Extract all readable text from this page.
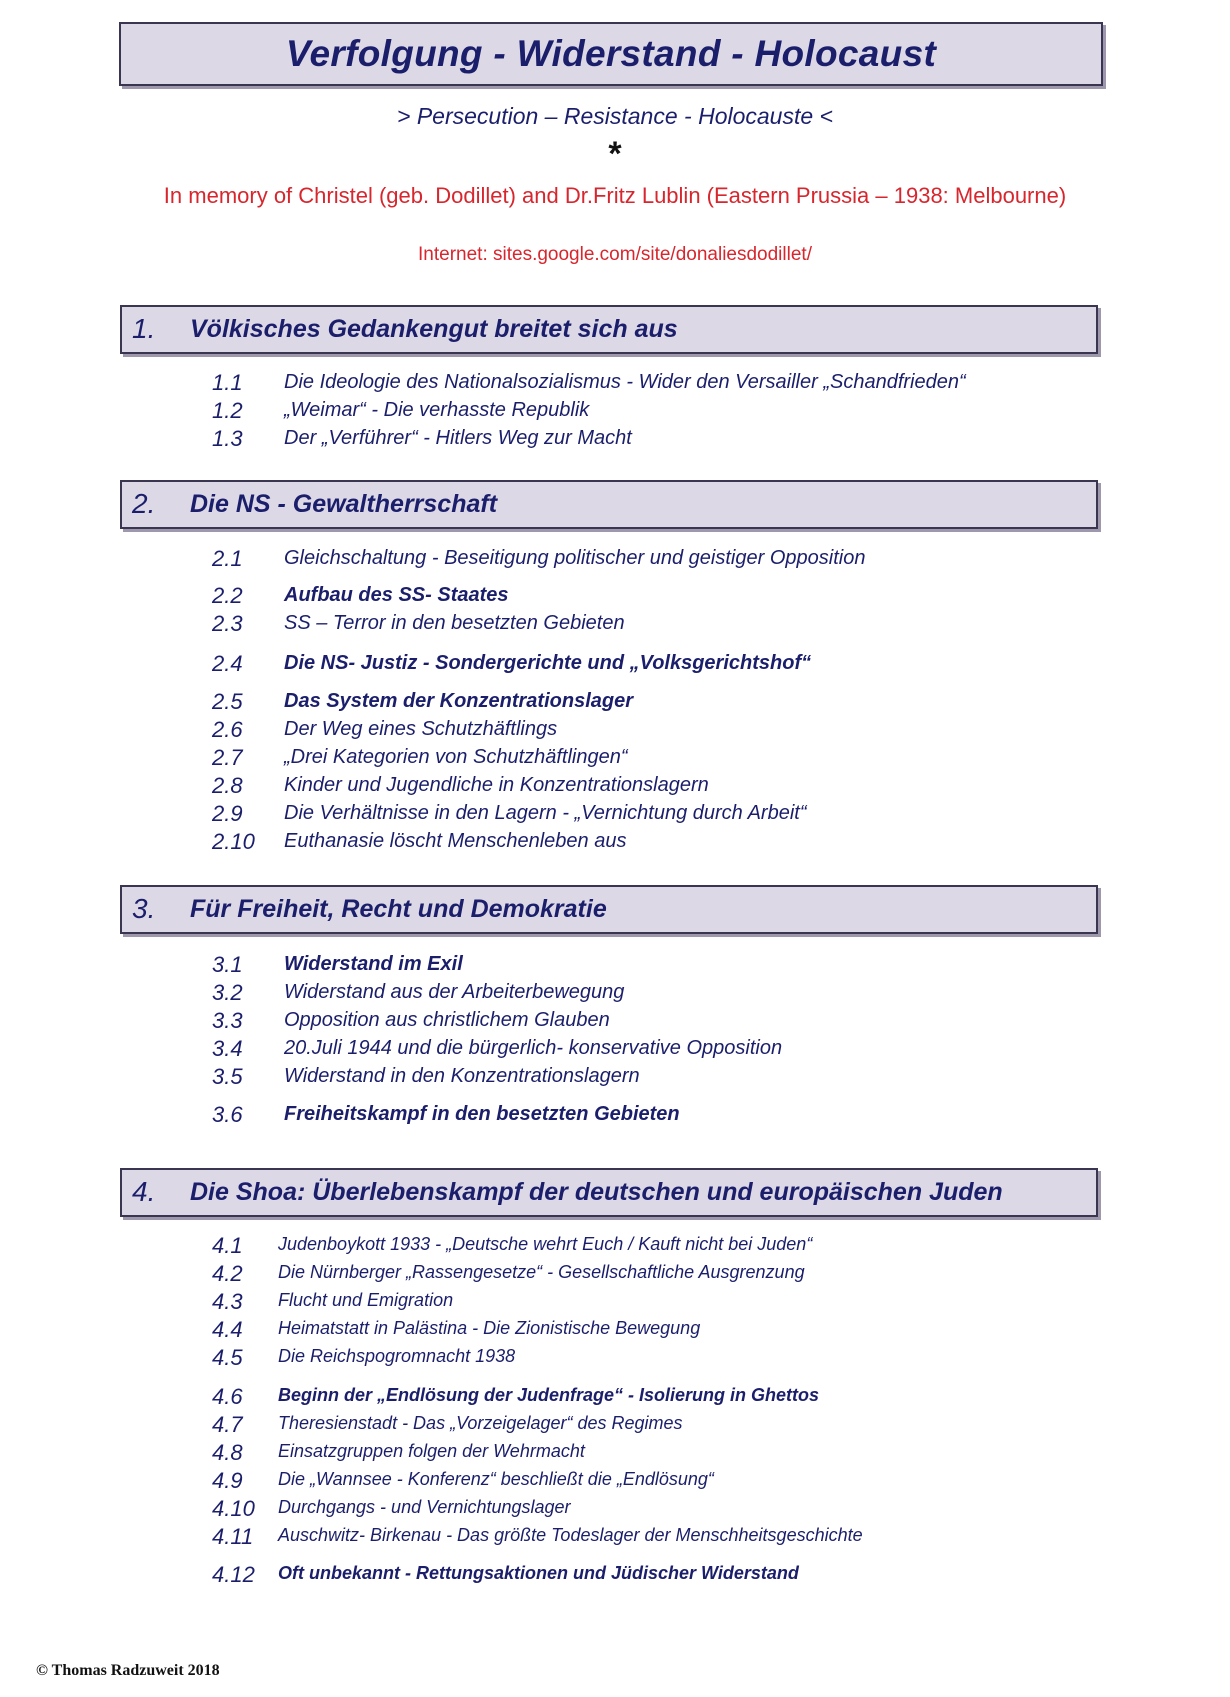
Verfolgung - Widerstand - Holocaust
> Persecution – Resistance - Holocauste <
*
In memory of Christel (geb. Dodillet) and Dr.Fritz Lublin (Eastern Prussia – 1938: Melbourne)
Internet: sites.google.com/site/donaliesdodillet/
1. Völkisches Gedankengut breitet sich aus
1.1 Die Ideologie des Nationalsozialismus - Wider den Versailler „Schandfrieden“
1.2 „Weimar“ - Die verhasste Republik
1.3 Der „Verführer“ - Hitlers Weg zur Macht
2. Die NS - Gewaltherrschaft
2.1 Gleichschaltung - Beseitigung politischer und geistiger Opposition
2.2 Aufbau des SS- Staates
2.3 SS – Terror in den besetzten Gebieten
2.4 Die NS- Justiz - Sondergerichte und „Volksgerichtshof“
2.5 Das System der Konzentrationslager
2.6 Der Weg eines Schutzhäftlings
2.7 „Drei Kategorien von Schutzhäftlingen“
2.8 Kinder und Jugendliche in Konzentrationslagern
2.9 Die Verhältnisse in den Lagern - „Vernichtung durch Arbeit“
2.10 Euthanasie löscht Menschenleben aus
3. Für Freiheit, Recht und Demokratie
3.1 Widerstand im Exil
3.2 Widerstand aus der Arbeiterbewegung
3.3 Opposition aus christlichem Glauben
3.4 20.Juli 1944 und die bürgerlich- konservative Opposition
3.5 Widerstand in den Konzentrationslagern
3.6 Freiheitskampf in den besetzten Gebieten
4. Die Shoa: Überlebenskampf der deutschen und europäischen Juden
4.1 Judenboykott 1933 - „Deutsche wehrt Euch / Kauft nicht bei Juden“
4.2 Die Nürnberger „Rassengesetze“ - Gesellschaftliche Ausgrenzung
4.3 Flucht und Emigration
4.4 Heimatstatt in Palästina - Die Zionistische Bewegung
4.5 Die Reichspogromnacht 1938
4.6 Beginn der „Endlösung der Judenfrage“ - Isolierung in Ghettos
4.7 Theresienstadt - Das „Vorzeigelager“ des Regimes
4.8 Einsatzgruppen folgen der Wehrmacht
4.9 Die „Wannsee - Konferenz“ beschließt die „Endlösung“
4.10 Durchgangs - und Vernichtungslager
4.11 Auschwitz- Birkenau - Das größte Todeslager der Menschheitsgeschichte
4.12 Oft unbekannt - Rettungsaktionen und Jüdischer Widerstand
© Thomas Radzuweit 2018
